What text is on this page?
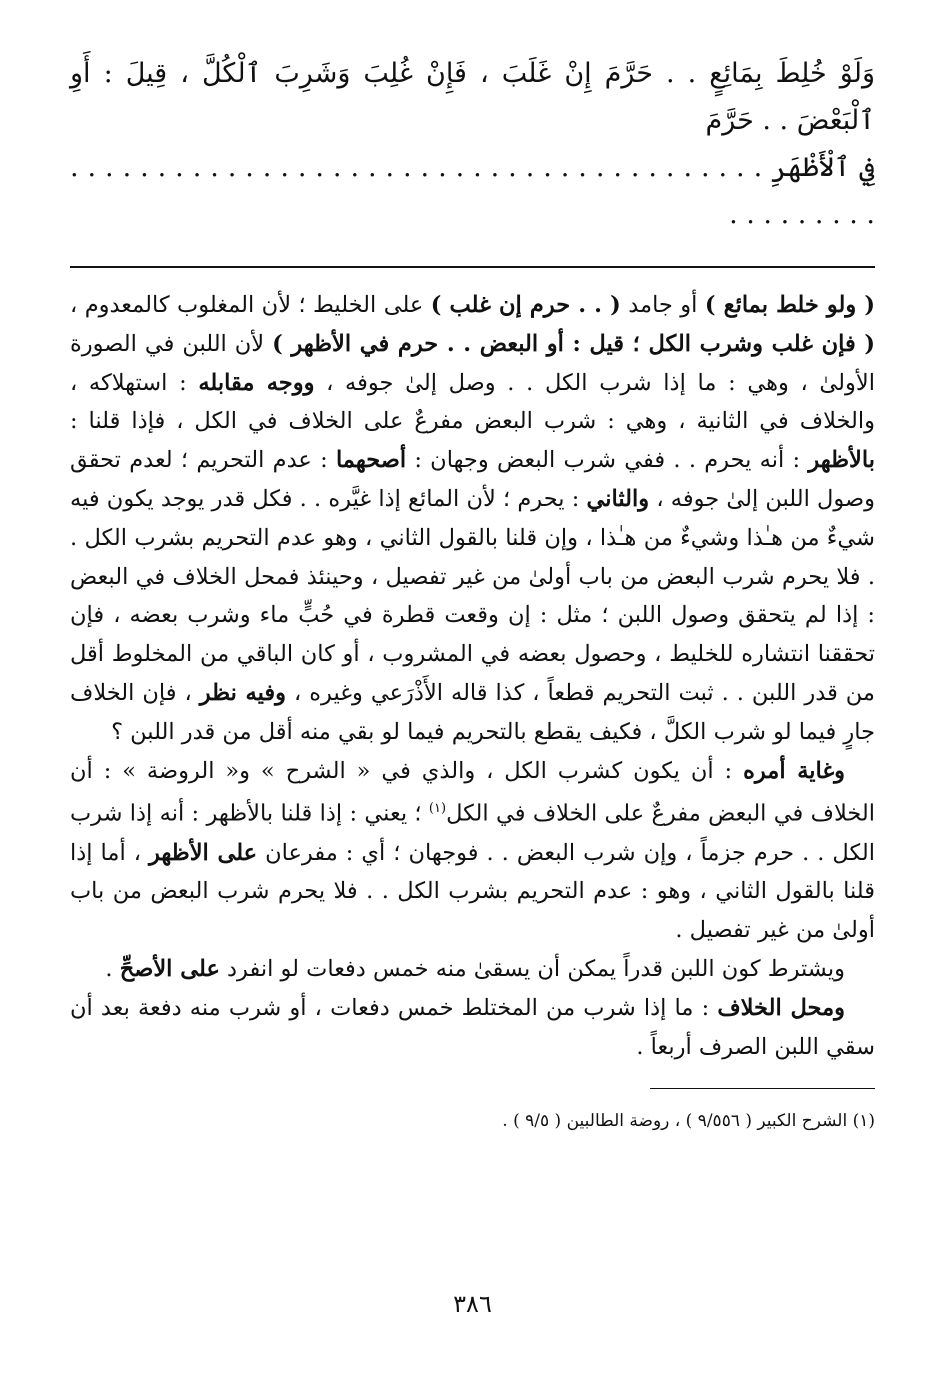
وَلَوْ خُلِطَ بِمَائِعٍ . . حَرَّمَ إِنْ غَلَبَ ، فَإِنْ غُلِبَ وَشَرِبَ ٱلْكُلَّ ، قِيلَ : أَوِ ٱلْبَعْضَ . . حَرَّمَ
فِي ٱلْأَظْهَرِ . . . . . . . . . . . . . . . . . . . . . . . . . . . . . . . . . . . . . . . . . . . . . . . . .

( ولو خلط بمائع ) أو جامد ( . . حرم إن غلب ) على الخليط ؛ لأن المغلوب كالمعدوم ، ( فإن غلب وشرب الكل ؛ قيل : أو البعض . . حرم في الأظهر ) لأن اللبن في الصورة الأولىٰ ، وهي : ما إذا شرب الكل . . وصل إلىٰ جوفه ، ووجه مقابله : استهلاكه ، والخلاف في الثانية ، وهي : شرب البعض مفرعٌ على الخلاف في الكل ، فإذا قلنا : بالأظهر : أنه يحرم . . ففي شرب البعض وجهان : أصحهما : عدم التحريم ؛ لعدم تحقق وصول اللبن إلىٰ جوفه ، والثاني : يحرم ؛ لأن المائع إذا غيَّره . . فكل قدر يوجد يكون فيه شيءٌ من هـٰذا وشيءٌ من هـٰذا ، وإن قلنا بالقول الثاني ، وهو عدم التحريم بشرب الكل . . فلا يحرم شرب البعض من باب أولىٰ من غير تفصيل ، وحينئذ فمحل الخلاف في البعض : إذا لم يتحقق وصول اللبن ؛ مثل : إن وقعت قطرة في حُبٍّ ماء وشرب بعضه ، فإن تحققنا انتشاره للخليط ، وحصول بعضه في المشروب ، أو كان الباقي من المخلوط أقل من قدر اللبن . . ثبت التحريم قطعاً ، كذا قاله الأَذْرَعي وغيره ، وفيه نظر ، فإن الخلاف جارٍ فيما لو شرب الكلَّ ، فكيف يقطع بالتحريم فيما لو بقي منه أقل من قدر اللبن ؟

وغاية أمره : أن يكون كشرب الكل ، والذي في « الشرح » و« الروضة » : أن الخلاف في البعض مفرعٌ على الخلاف في الكل$^{(١)}$ ؛ يعني : إذا قلنا بالأظهر : أنه إذا شرب الكل . . حرم جزماً ، وإن شرب البعض . . فوجهان ؛ أي : مفرعان على الأظهر ، أما إذا قلنا بالقول الثاني ، وهو : عدم التحريم بشرب الكل . . فلا يحرم شرب البعض من باب أولىٰ من غير تفصيل .

ويشترط كون اللبن قدراً يمكن أن يسقىٰ منه خمس دفعات لو انفرد على الأصحِّ .

ومحل الخلاف : ما إذا شرب من المختلط خمس دفعات ، أو شرب منه دفعة بعد أن سقي اللبن الصرف أربعاً .

(١) الشرح الكبير ( ٩/٥٥٦ ) ، روضة الطالبين ( ٩/٥ ) .
٣٨٦
